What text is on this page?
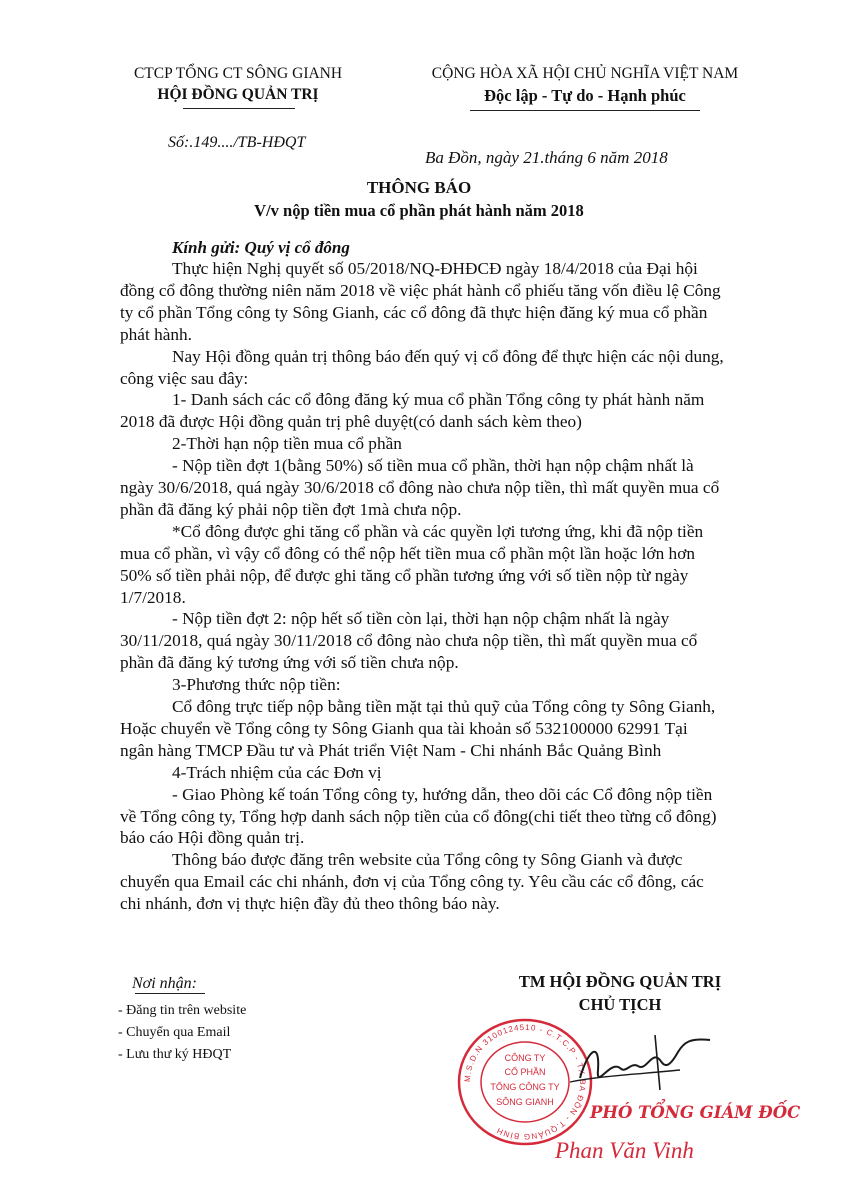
CTCP TỔNG CT SÔNG GIANH
HỘI ĐỒNG QUẢN TRỊ
Số:.149..../TB-HĐQT
CỘNG HÒA XÃ HỘI CHỦ NGHĨA VIỆT NAM
Độc lập - Tự do - Hạnh phúc
Ba Đồn, ngày 21.tháng 6 năm 2018
THÔNG BÁO
V/v nộp tiền mua cổ phần phát hành năm 2018
Kính gửi: Quý vị cổ đông
Thực hiện Nghị quyết số 05/2018/NQ-ĐHĐCĐ ngày 18/4/2018 của Đại hội
đồng cổ đông thường niên năm 2018 về việc phát hành cổ phiếu tăng vốn điều lệ Công
ty cổ phần Tổng công ty Sông Gianh, các cổ đông đã thực hiện đăng ký mua cổ phần
phát hành.
Nay Hội đồng quản trị thông báo đến quý vị cổ đông để thực hiện các nội dung,
công việc sau đây:
1- Danh sách các cổ đông đăng ký mua cổ phần Tổng công ty phát hành năm
2018 đã được Hội đồng quản trị phê duyệt(có danh sách kèm theo)
2-Thời hạn nộp tiền mua cổ phần
- Nộp tiền đợt 1(bằng 50%) số tiền mua cổ phần, thời hạn nộp chậm nhất là
ngày 30/6/2018, quá ngày 30/6/2018 cổ đông nào chưa nộp tiền, thì mất quyền mua cổ
phần đã đăng ký phải nộp tiền đợt 1mà chưa nộp.
*Cổ đông được ghi tăng cổ phần và các quyền lợi tương ứng, khi đã nộp tiền
mua cổ phần, vì vậy cổ đông có thể nộp hết tiền mua cổ phần một lần hoặc lớn hơn
50% số tiền phải nộp, để được ghi tăng cổ phần tương ứng với số tiền nộp từ ngày
1/7/2018.
- Nộp tiền đợt 2: nộp hết số tiền còn lại, thời hạn nộp chậm nhất là ngày
30/11/2018, quá ngày 30/11/2018 cổ đông nào chưa nộp tiền, thì mất quyền mua cổ
phần đã đăng ký tương ứng với số tiền chưa nộp.
3-Phương thức nộp tiền:
Cổ đông trực tiếp nộp bằng tiền mặt tại thủ quỹ của Tổng công ty Sông Gianh,
Hoặc chuyển về Tổng công ty Sông Gianh qua tài khoản số 532100000 62991 Tại
ngân hàng TMCP Đầu tư và Phát triển Việt Nam - Chi nhánh Bắc Quảng Bình
4-Trách nhiệm của các Đơn vị
- Giao Phòng kế toán Tổng công ty, hướng dẫn, theo dõi các Cổ đông nộp tiền
về Tổng công ty, Tổng hợp danh sách nộp tiền của cổ đông(chi tiết theo từng cổ đông)
báo cáo Hội đồng quản trị.
Thông báo được đăng trên website của Tổng công ty Sông Gianh và được
chuyển qua Email các chi nhánh, đơn vị của Tổng công ty. Yêu cầu các cổ đông, các
chi nhánh, đơn vị thực hiện đầy đủ theo thông báo này.
Nơi nhận:
- Đăng tin trên website
- Chuyển qua Email
- Lưu thư ký HĐQT
TM HỘI ĐỒNG QUẢN TRỊ
CHỦ TỊCH
M.S.D.N 3100124510 - C.T.C.P - TX BA ĐỒN - T.QUẢNG BÌNH
CÔNG TY
CỔ PHẦN
TỔNG CÔNG TY
SÔNG GIANH
PHÓ TỔNG GIÁM ĐỐC
Phan Văn Vinh
